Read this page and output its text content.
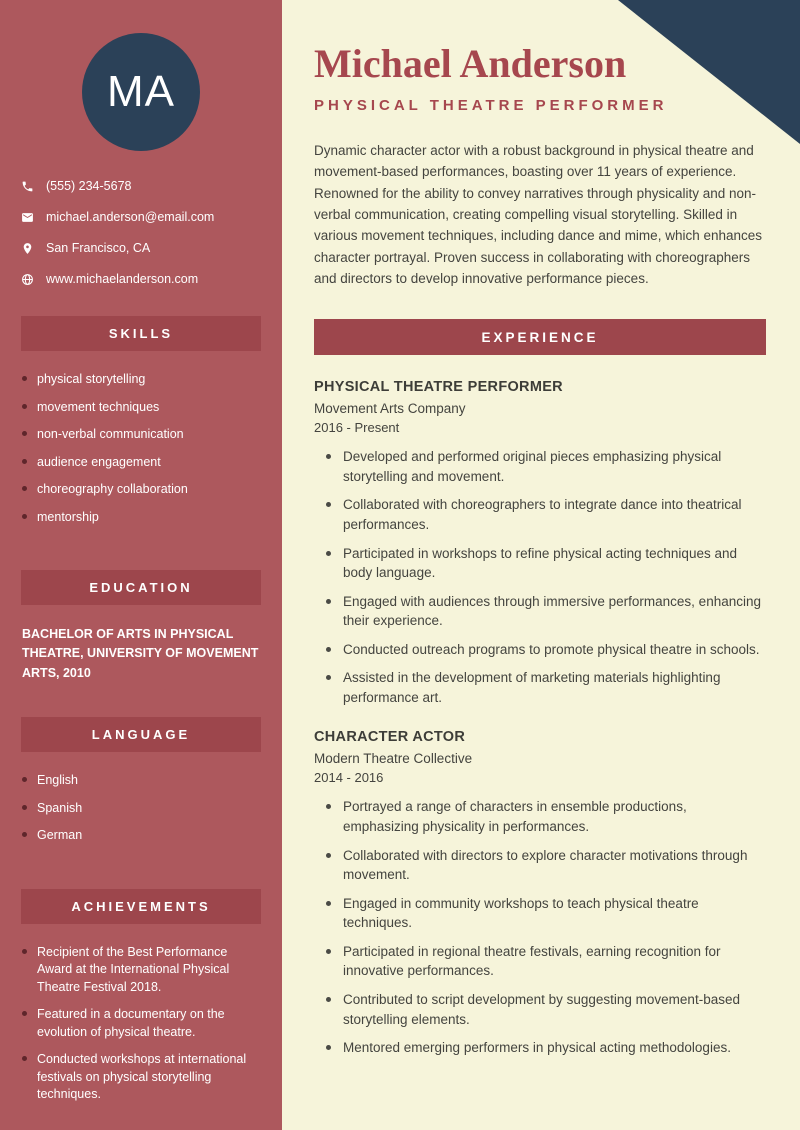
MA
(555) 234-5678
michael.anderson@email.com
San Francisco, CA
www.michaelanderson.com
SKILLS
physical storytelling
movement techniques
non-verbal communication
audience engagement
choreography collaboration
mentorship
EDUCATION
BACHELOR OF ARTS IN PHYSICAL THEATRE, UNIVERSITY OF MOVEMENT ARTS, 2010
LANGUAGE
English
Spanish
German
ACHIEVEMENTS
Recipient of the Best Performance Award at the International Physical Theatre Festival 2018.
Featured in a documentary on the evolution of physical theatre.
Conducted workshops at international festivals on physical storytelling techniques.
Michael Anderson
PHYSICAL THEATRE PERFORMER

Dynamic character actor with a robust background in physical theatre and movement-based performances, boasting over 11 years of experience. Renowned for the ability to convey narratives through physicality and non-verbal communication, creating compelling visual storytelling. Skilled in various movement techniques, including dance and mime, which enhances character portrayal. Proven success in collaborating with choreographers and directors to develop innovative performance pieces.

EXPERIENCE
PHYSICAL THEATRE PERFORMER
Movement Arts Company
2016 - Present
Developed and performed original pieces emphasizing physical storytelling and movement.
Collaborated with choreographers to integrate dance into theatrical performances.
Participated in workshops to refine physical acting techniques and body language.
Engaged with audiences through immersive performances, enhancing their experience.
Conducted outreach programs to promote physical theatre in schools.
Assisted in the development of marketing materials highlighting performance art.
CHARACTER ACTOR
Modern Theatre Collective
2014 - 2016
Portrayed a range of characters in ensemble productions, emphasizing physicality in performances.
Collaborated with directors to explore character motivations through movement.
Engaged in community workshops to teach physical theatre techniques.
Participated in regional theatre festivals, earning recognition for innovative performances.
Contributed to script development by suggesting movement-based storytelling elements.
Mentored emerging performers in physical acting methodologies.
